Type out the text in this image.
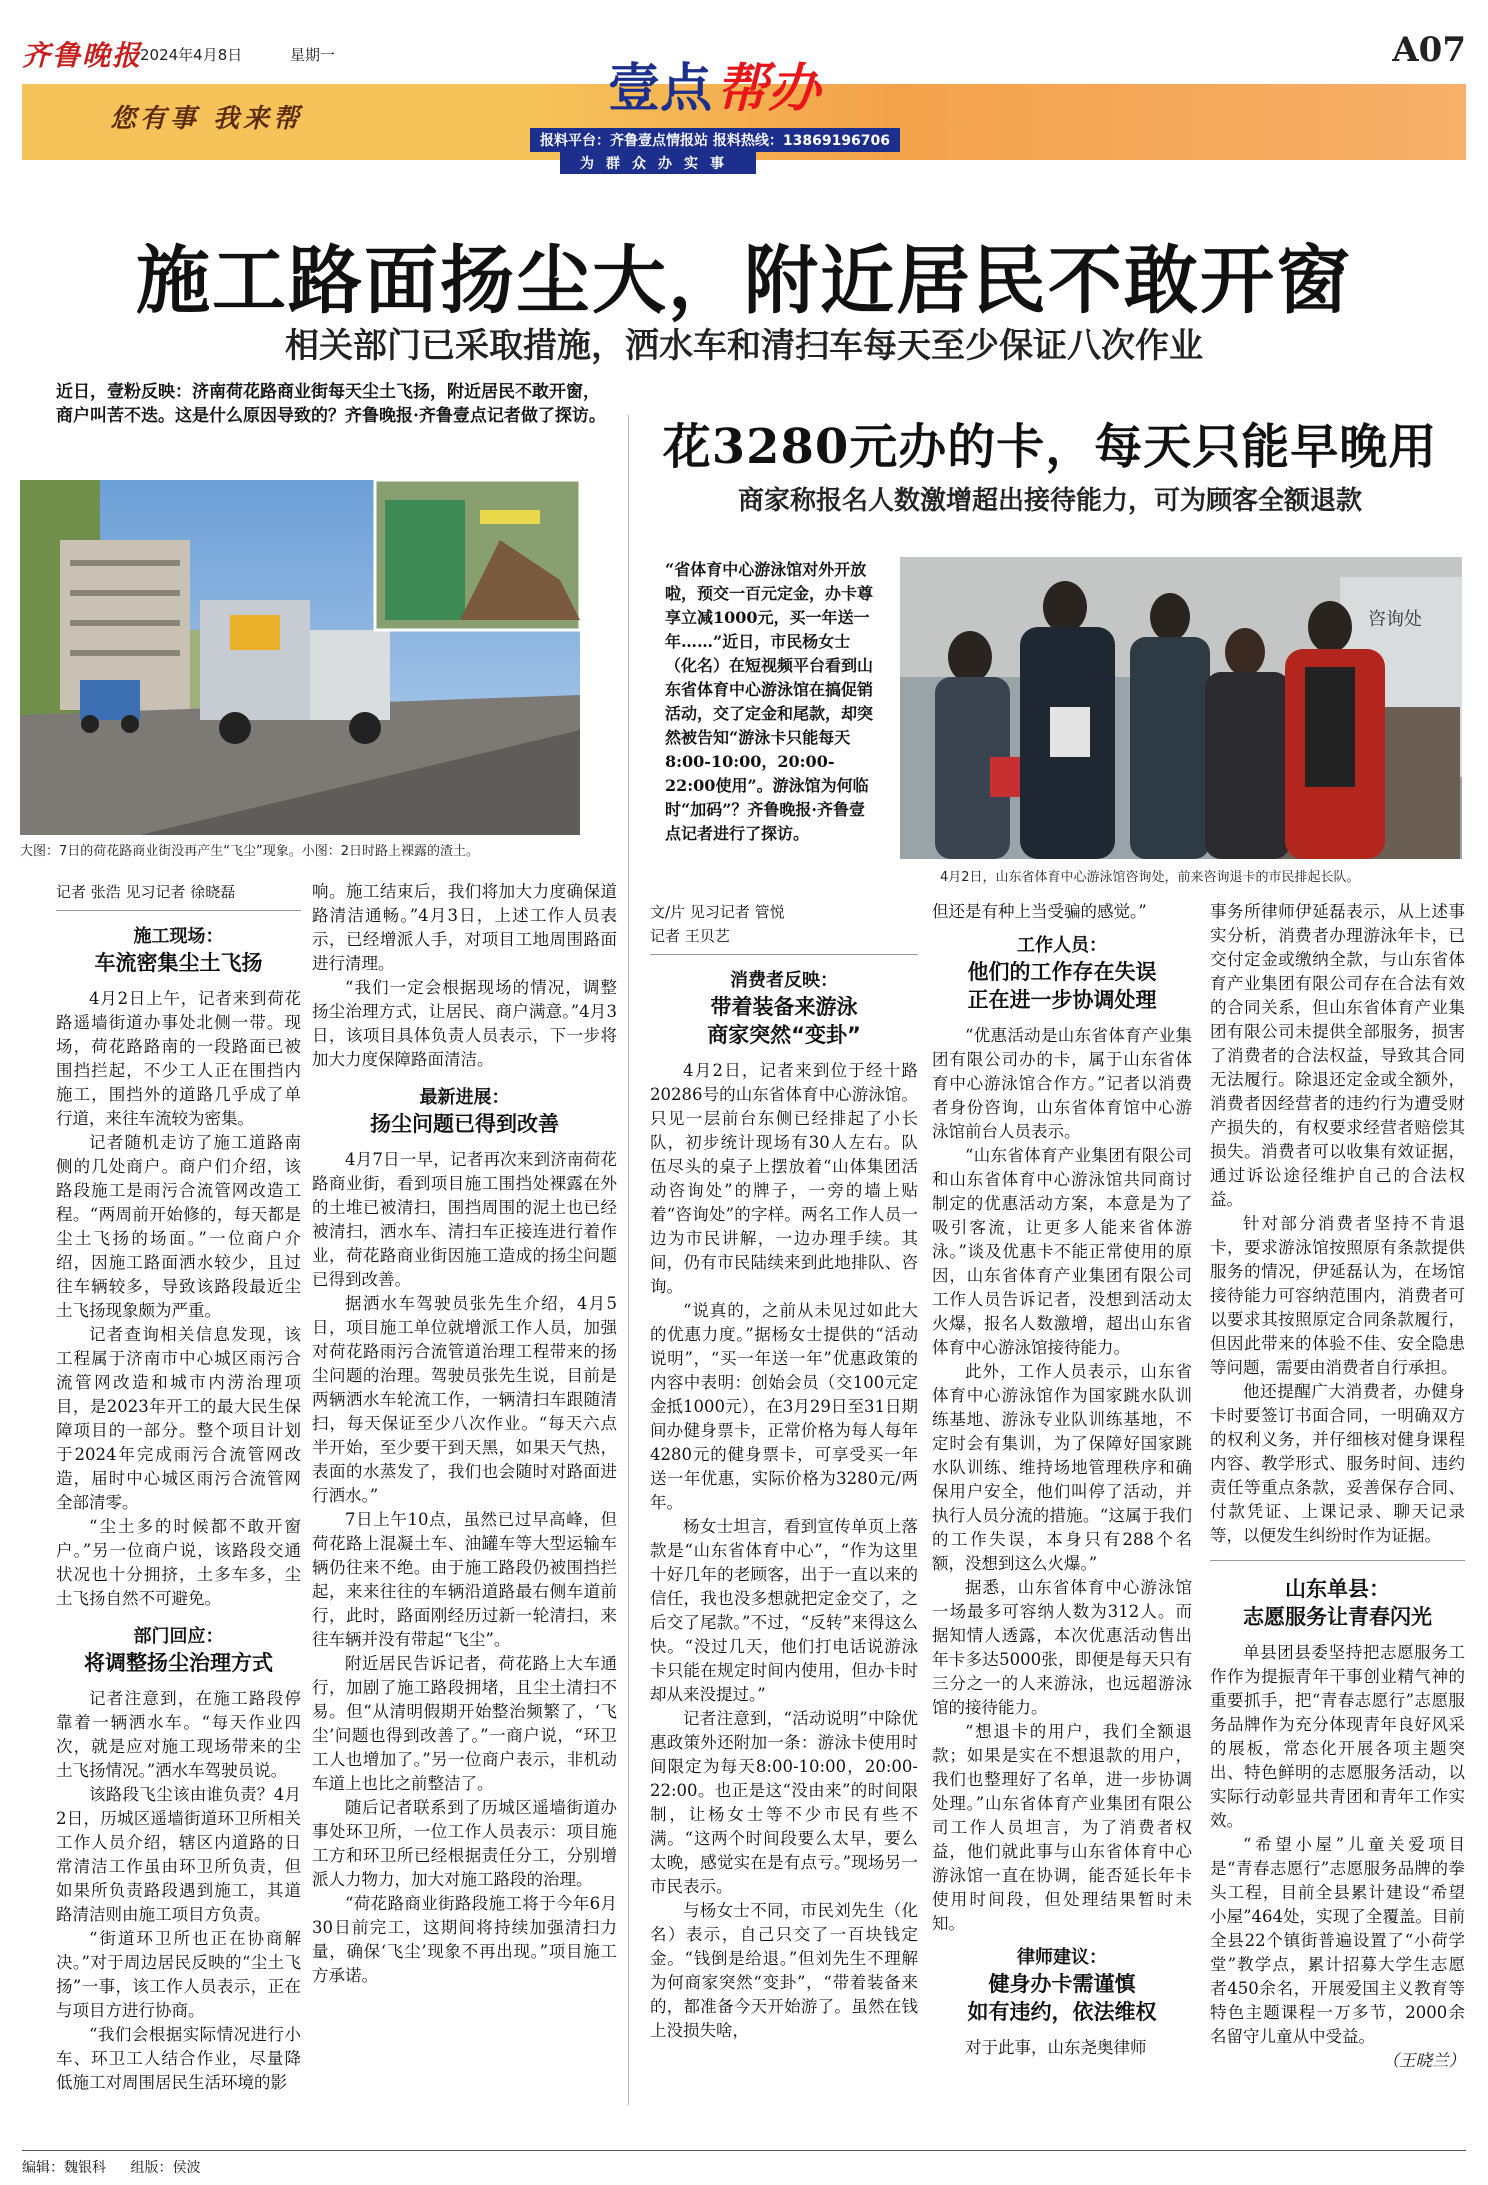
齐鲁晚报
2024年4月8日	星期一
您有事 我来帮
壹点 帮办
报料平台：齐鲁壹点情报站 报料热线：13869196706
为群众办实事
A07
施工路面扬尘大，附近居民不敢开窗
相关部门已采取措施，洒水车和清扫车每天至少保证八次作业

近日，壹粉反映：济南荷花路商业街每天尘土飞扬，附近居民不敢开窗，商户叫苦不迭。这是什么原因导致的？齐鲁晚报·齐鲁壹点记者做了探访。

大图：7日的荷花路商业街没再产生“飞尘”现象。小图：2日时路上裸露的渣土。
花3280元办的卡，每天只能早晚用
商家称报名人数激增超出接待能力，可为顾客全额退款

“省体育中心游泳馆对外开放啦，预交一百元定金，办卡尊享立减1000元，买一年送一年……”近日，市民杨女士（化名）在短视频平台看到山东省体育中心游泳馆在搞促销活动，交了定金和尾款，却突然被告知“游泳卡只能每天8:00-10:00，20:00-22:00使用”。游泳馆为何临时“加码”？齐鲁晚报·齐鲁壹点记者进行了探访。

咨询处
4月2日，山东省体育中心游泳馆咨询处，前来咨询退卡的市民排起长队。
记者 张浩 见习记者 徐晓磊
施工现场：
车流密集尘土飞扬

4月2日上午，记者来到荷花路遥墙街道办事处北侧一带。现场，荷花路路南的一段路面已被围挡拦起，不少工人正在围挡内施工，围挡外的道路几乎成了单行道，来往车流较为密集。

记者随机走访了施工道路南侧的几处商户。商户们介绍，该路段施工是雨污合流管网改造工程。“两周前开始修的，每天都是尘土飞扬的场面。”一位商户介绍，因施工路面洒水较少，且过往车辆较多，导致该路段最近尘土飞扬现象颇为严重。

记者查询相关信息发现，该工程属于济南市中心城区雨污合流管网改造和城市内涝治理项目，是2023年开工的最大民生保障项目的一部分。整个项目计划于2024年完成雨污合流管网改造，届时中心城区雨污合流管网全部清零。

“尘土多的时候都不敢开窗户。”另一位商户说，该路段交通状况也十分拥挤，土多车多，尘土飞扬自然不可避免。

部门回应：
将调整扬尘治理方式

记者注意到，在施工路段停靠着一辆洒水车。“每天作业四次，就是应对施工现场带来的尘土飞扬情况。”洒水车驾驶员说。

该路段飞尘该由谁负责？4月2日，历城区遥墙街道环卫所相关工作人员介绍，辖区内道路的日常清洁工作虽由环卫所负责，但如果所负责路段遇到施工，其道路清洁则由施工项目方负责。

“街道环卫所也正在协商解决。”对于周边居民反映的“尘土飞扬”一事，该工作人员表示，正在与项目方进行协商。

“我们会根据实际情况进行小车、环卫工人结合作业，尽量降低施工对周围居民生活环境的影

响。施工结束后，我们将加大力度确保道路清洁通畅。”4月3日，上述工作人员表示，已经增派人手，对项目工地周围路面进行清理。

“我们一定会根据现场的情况，调整扬尘治理方式，让居民、商户满意。”4月3日，该项目具体负责人员表示，下一步将加大力度保障路面清洁。

最新进展：
扬尘问题已得到改善

4月7日一早，记者再次来到济南荷花路商业街，看到项目施工围挡处裸露在外的土堆已被清扫，围挡周围的泥土也已经被清扫，洒水车、清扫车正接连进行着作业，荷花路商业街因施工造成的扬尘问题已得到改善。

据洒水车驾驶员张先生介绍，4月5日，项目施工单位就增派工作人员，加强对荷花路雨污合流管道治理工程带来的扬尘问题的治理。驾驶员张先生说，目前是两辆洒水车轮流工作，一辆清扫车跟随清扫，每天保证至少八次作业。“每天六点半开始，至少要干到天黑，如果天气热，表面的水蒸发了，我们也会随时对路面进行洒水。”

7日上午10点，虽然已过早高峰，但荷花路上混凝土车、油罐车等大型运输车辆仍往来不绝。由于施工路段仍被围挡拦起，来来往往的车辆沿道路最右侧车道前行，此时，路面刚经历过新一轮清扫，来往车辆并没有带起“飞尘”。

附近居民告诉记者，荷花路上大车通行，加剧了施工路段拥堵，且尘土清扫不易。但“从清明假期开始整治频繁了，‘飞尘’问题也得到改善了。”一商户说，“环卫工人也增加了。”另一位商户表示，非机动车道上也比之前整洁了。

随后记者联系到了历城区遥墙街道办事处环卫所，一位工作人员表示：项目施工方和环卫所已经根据责任分工，分别增派人力物力，加大对施工路段的治理。

“荷花路商业街路段施工将于今年6月30日前完工，这期间将持续加强清扫力量，确保‘飞尘’现象不再出现。”项目施工方承诺。

文/片 见习记者 管悦
记者 王贝艺
消费者反映：
带着装备来游泳
商家突然“变卦”

4月2日，记者来到位于经十路20286号的山东省体育中心游泳馆。只见一层前台东侧已经排起了小长队，初步统计现场有30人左右。队伍尽头的桌子上摆放着“山体集团活动咨询处”的牌子，一旁的墙上贴着“咨询处”的字样。两名工作人员一边为市民讲解，一边办理手续。其间，仍有市民陆续来到此地排队、咨询。

“说真的，之前从未见过如此大的优惠力度。”据杨女士提供的“活动说明”，“买一年送一年”优惠政策的内容中表明：创始会员（交100元定金抵1000元），在3月29日至31日期间办健身票卡，正常价格为每人每年4280元的健身票卡，可享受买一年送一年优惠，实际价格为3280元/两年。

杨女士坦言，看到宣传单页上落款是“山东省体育中心”，“作为这里十好几年的老顾客，出于一直以来的信任，我也没多想就把定金交了，之后交了尾款。”不过，“反转”来得这么快。“没过几天，他们打电话说游泳卡只能在规定时间内使用，但办卡时却从来没提过。”

记者注意到，“活动说明”中除优惠政策外还附加一条：游泳卡使用时间限定为每天8:00-10:00，20:00-22:00。也正是这“没由来”的时间限制，让杨女士等不少市民有些不满。“这两个时间段要么太早，要么太晚，感觉实在是有点亏。”现场另一市民表示。

与杨女士不同，市民刘先生（化名）表示，自己只交了一百块钱定金。“钱倒是给退。”但刘先生不理解为何商家突然“变卦”，“带着装备来的，都准备今天开始游了。虽然在钱上没损失啥，

但还是有种上当受骗的感觉。”

工作人员：
他们的工作存在失误
正在进一步协调处理

“优惠活动是山东省体育产业集团有限公司办的卡，属于山东省体育中心游泳馆合作方。”记者以消费者身份咨询，山东省体育馆中心游泳馆前台人员表示。

“山东省体育产业集团有限公司和山东省体育中心游泳馆共同商讨制定的优惠活动方案，本意是为了吸引客流，让更多人能来省体游泳。”谈及优惠卡不能正常使用的原因，山东省体育产业集团有限公司工作人员告诉记者，没想到活动太火爆，报名人数激增，超出山东省体育中心游泳馆接待能力。

此外，工作人员表示，山东省体育中心游泳馆作为国家跳水队训练基地、游泳专业队训练基地，不定时会有集训，为了保障好国家跳水队训练、维持场地管理秩序和确保用户安全，他们叫停了活动，并执行人员分流的措施。“这属于我们的工作失误，本身只有288个名额，没想到这么火爆。”

据悉，山东省体育中心游泳馆一场最多可容纳人数为312人。而据知情人透露，本次优惠活动售出年卡多达5000张，即便是每天只有三分之一的人来游泳，也远超游泳馆的接待能力。

“想退卡的用户，我们全额退款；如果是实在不想退款的用户，我们也整理好了名单，进一步协调处理。”山东省体育产业集团有限公司工作人员坦言，为了消费者权益，他们就此事与山东省体育中心游泳馆一直在协调，能否延长年卡使用时间段，但处理结果暂时未知。

律师建议：
健身办卡需谨慎
如有违约，依法维权

对于此事，山东尧奥律师

事务所律师伊延磊表示，从上述事实分析，消费者办理游泳年卡，已交付定金或缴纳全款，与山东省体育产业集团有限公司存在合法有效的合同关系，但山东省体育产业集团有限公司未提供全部服务，损害了消费者的合法权益，导致其合同无法履行。除退还定金或全额外，消费者因经营者的违约行为遭受财产损失的，有权要求经营者赔偿其损失。消费者可以收集有效证据，通过诉讼途径维护自己的合法权益。

针对部分消费者坚持不肯退卡，要求游泳馆按照原有条款提供服务的情况，伊延磊认为，在场馆接待能力可容纳范围内，消费者可以要求其按照原定合同条款履行，但因此带来的体验不佳、安全隐患等问题，需要由消费者自行承担。

他还提醒广大消费者，办健身卡时要签订书面合同，一明确双方的权利义务，并仔细核对健身课程内容、教学形式、服务时间、违约责任等重点条款，妥善保存合同、付款凭证、上课记录、聊天记录等，以便发生纠纷时作为证据。

山东单县：
志愿服务让青春闪光

单县团县委坚持把志愿服务工作作为提振青年干事创业精气神的重要抓手，把“青春志愿行”志愿服务品牌作为充分体现青年良好风采的展板，常态化开展各项主题突出、特色鲜明的志愿服务活动，以实际行动彰显共青团和青年工作实效。

“希望小屋”儿童关爱项目是“青春志愿行”志愿服务品牌的拳头工程，目前全县累计建设“希望小屋”464处，实现了全覆盖。目前全县22个镇街普遍设置了“小荷学堂”教学点，累计招募大学生志愿者450余名，开展爱国主义教育等特色主题课程一万多节，2000余名留守儿童从中受益。

（王晓兰）
编辑：魏银科 组版：侯波
